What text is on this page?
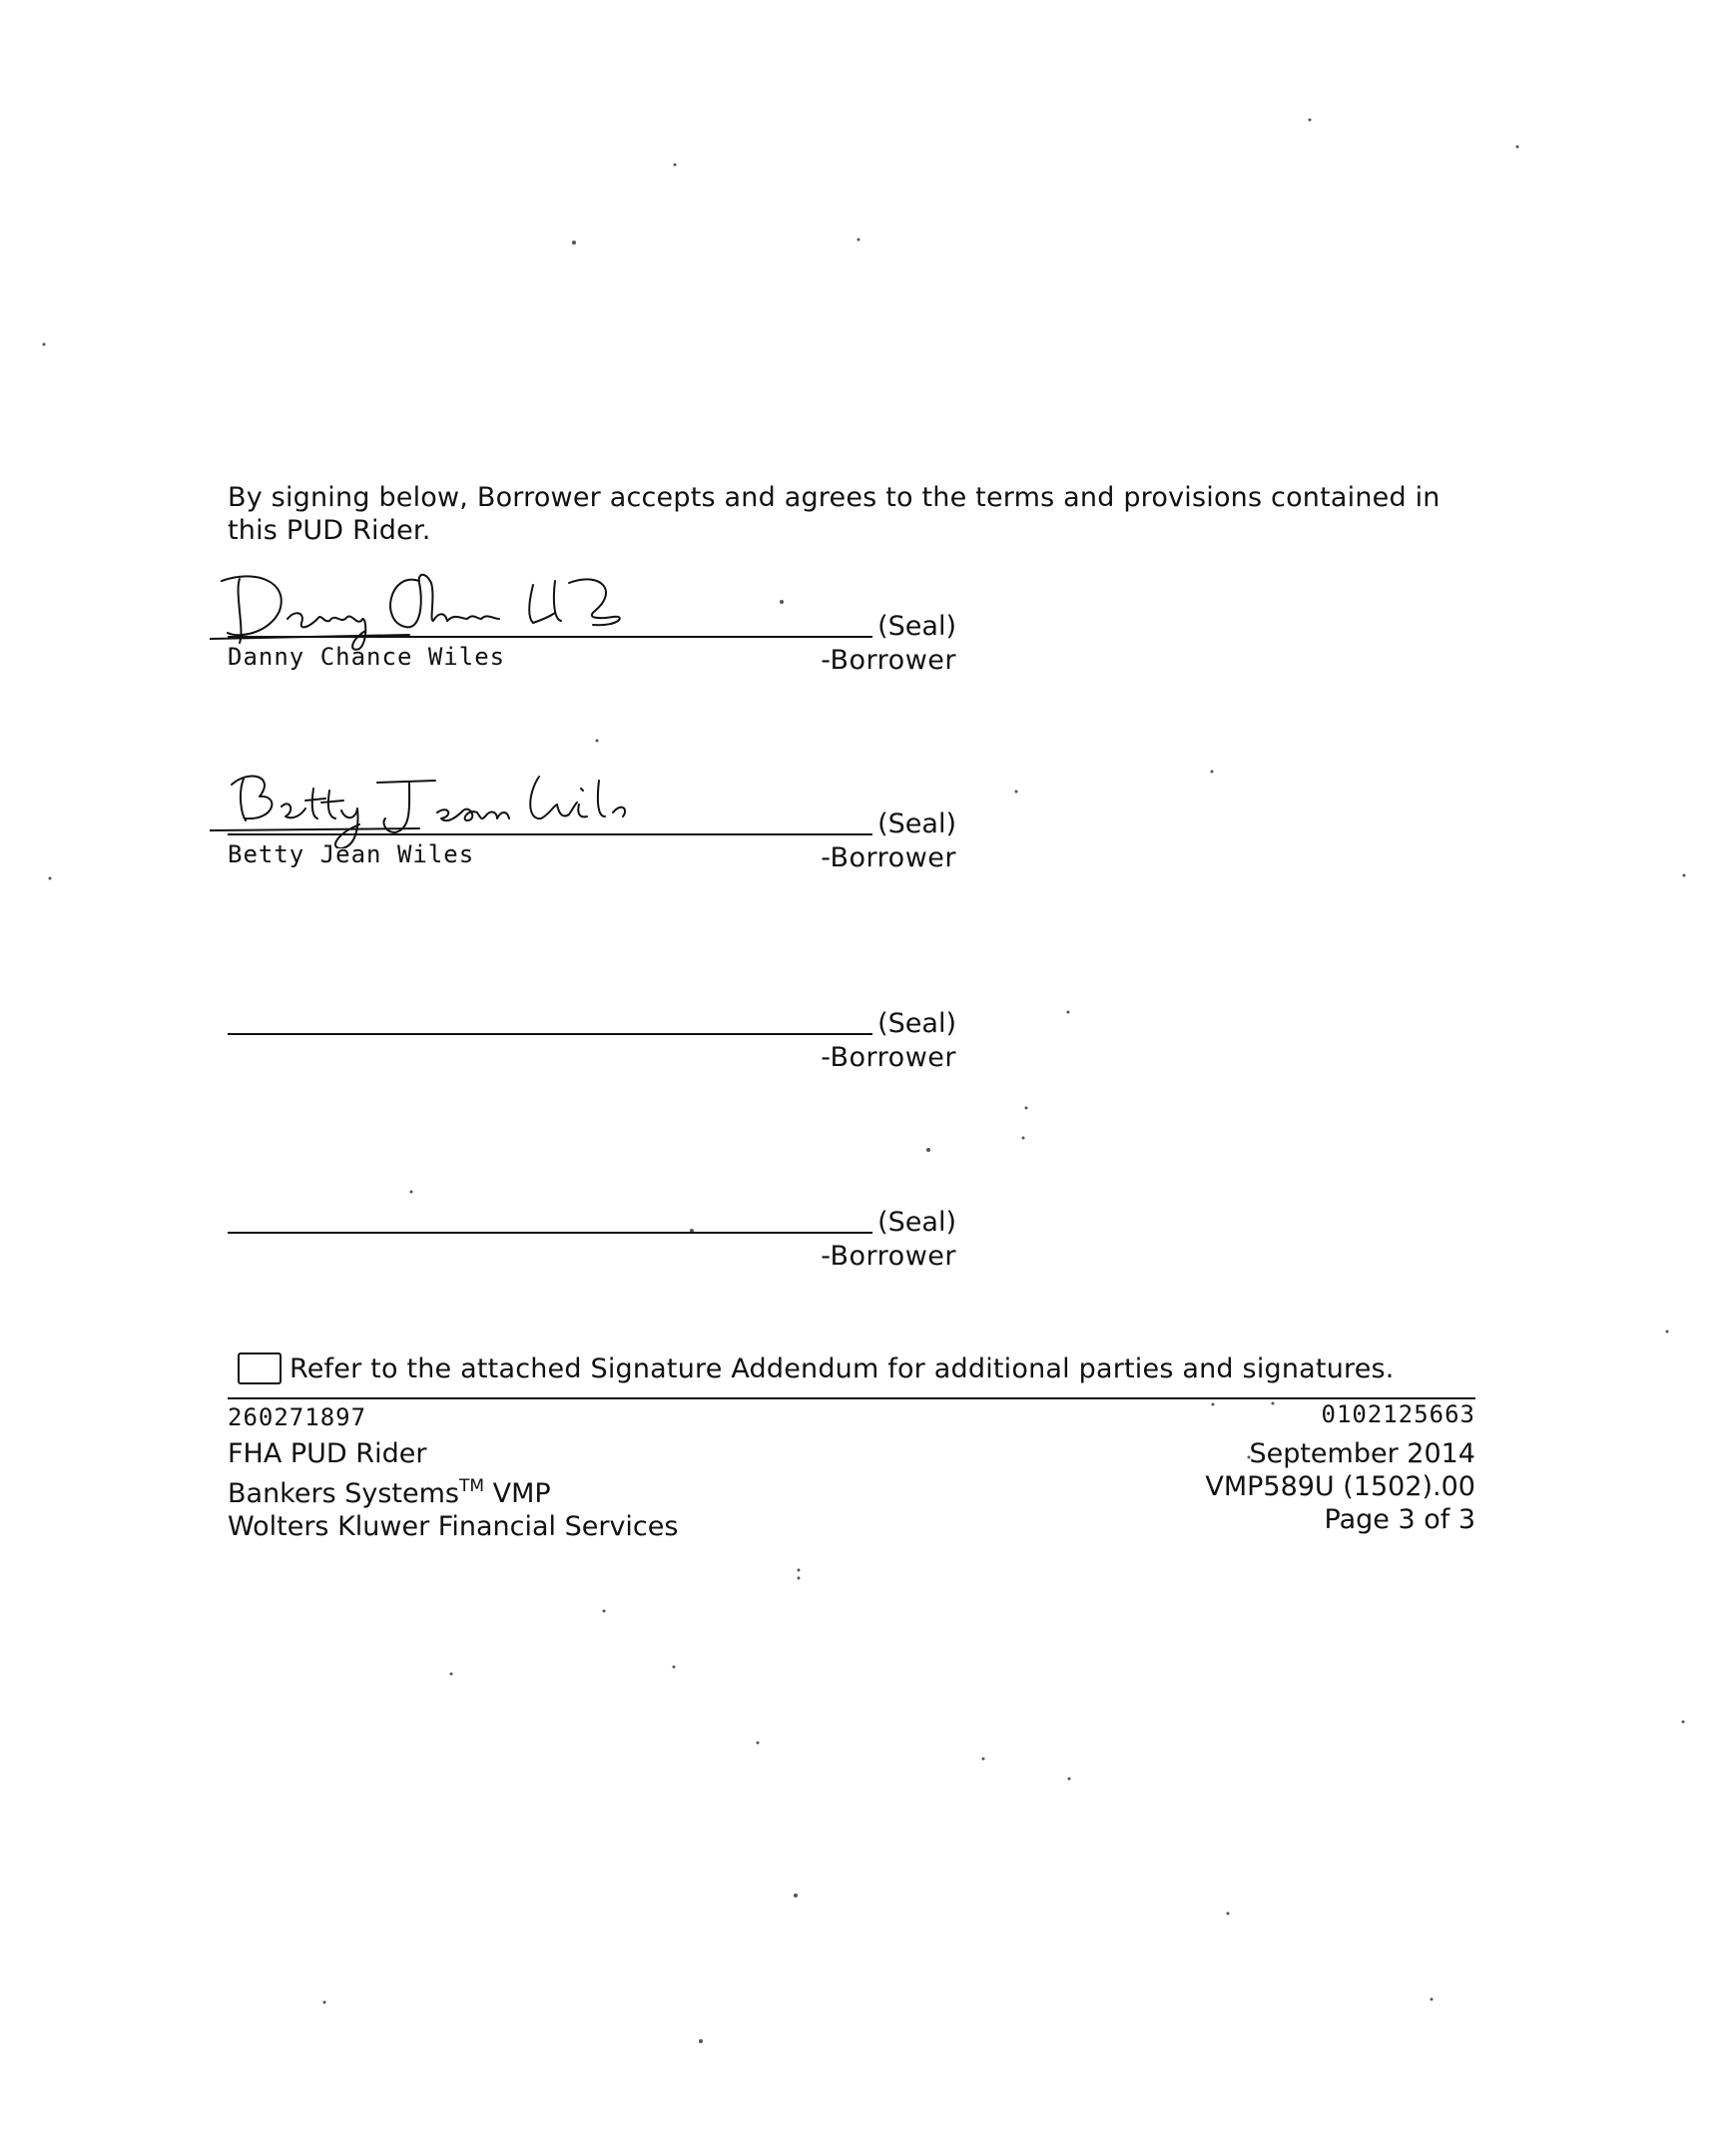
By signing below, Borrower accepts and agrees to the terms and provisions contained in this PUD Rider.
(Seal)
Danny Chance Wiles	-Borrower
(Seal)
Betty Jean Wiles	-Borrower
(Seal)
-Borrower
(Seal)
-Borrower
Refer to the attached Signature Addendum for additional parties and signatures.
260271897	0102125663
FHA PUD Rider
Bankers Systems™ VMP
Wolters Kluwer Financial Services
September 2014
VMP589U (1502).00
Page 3 of 3
